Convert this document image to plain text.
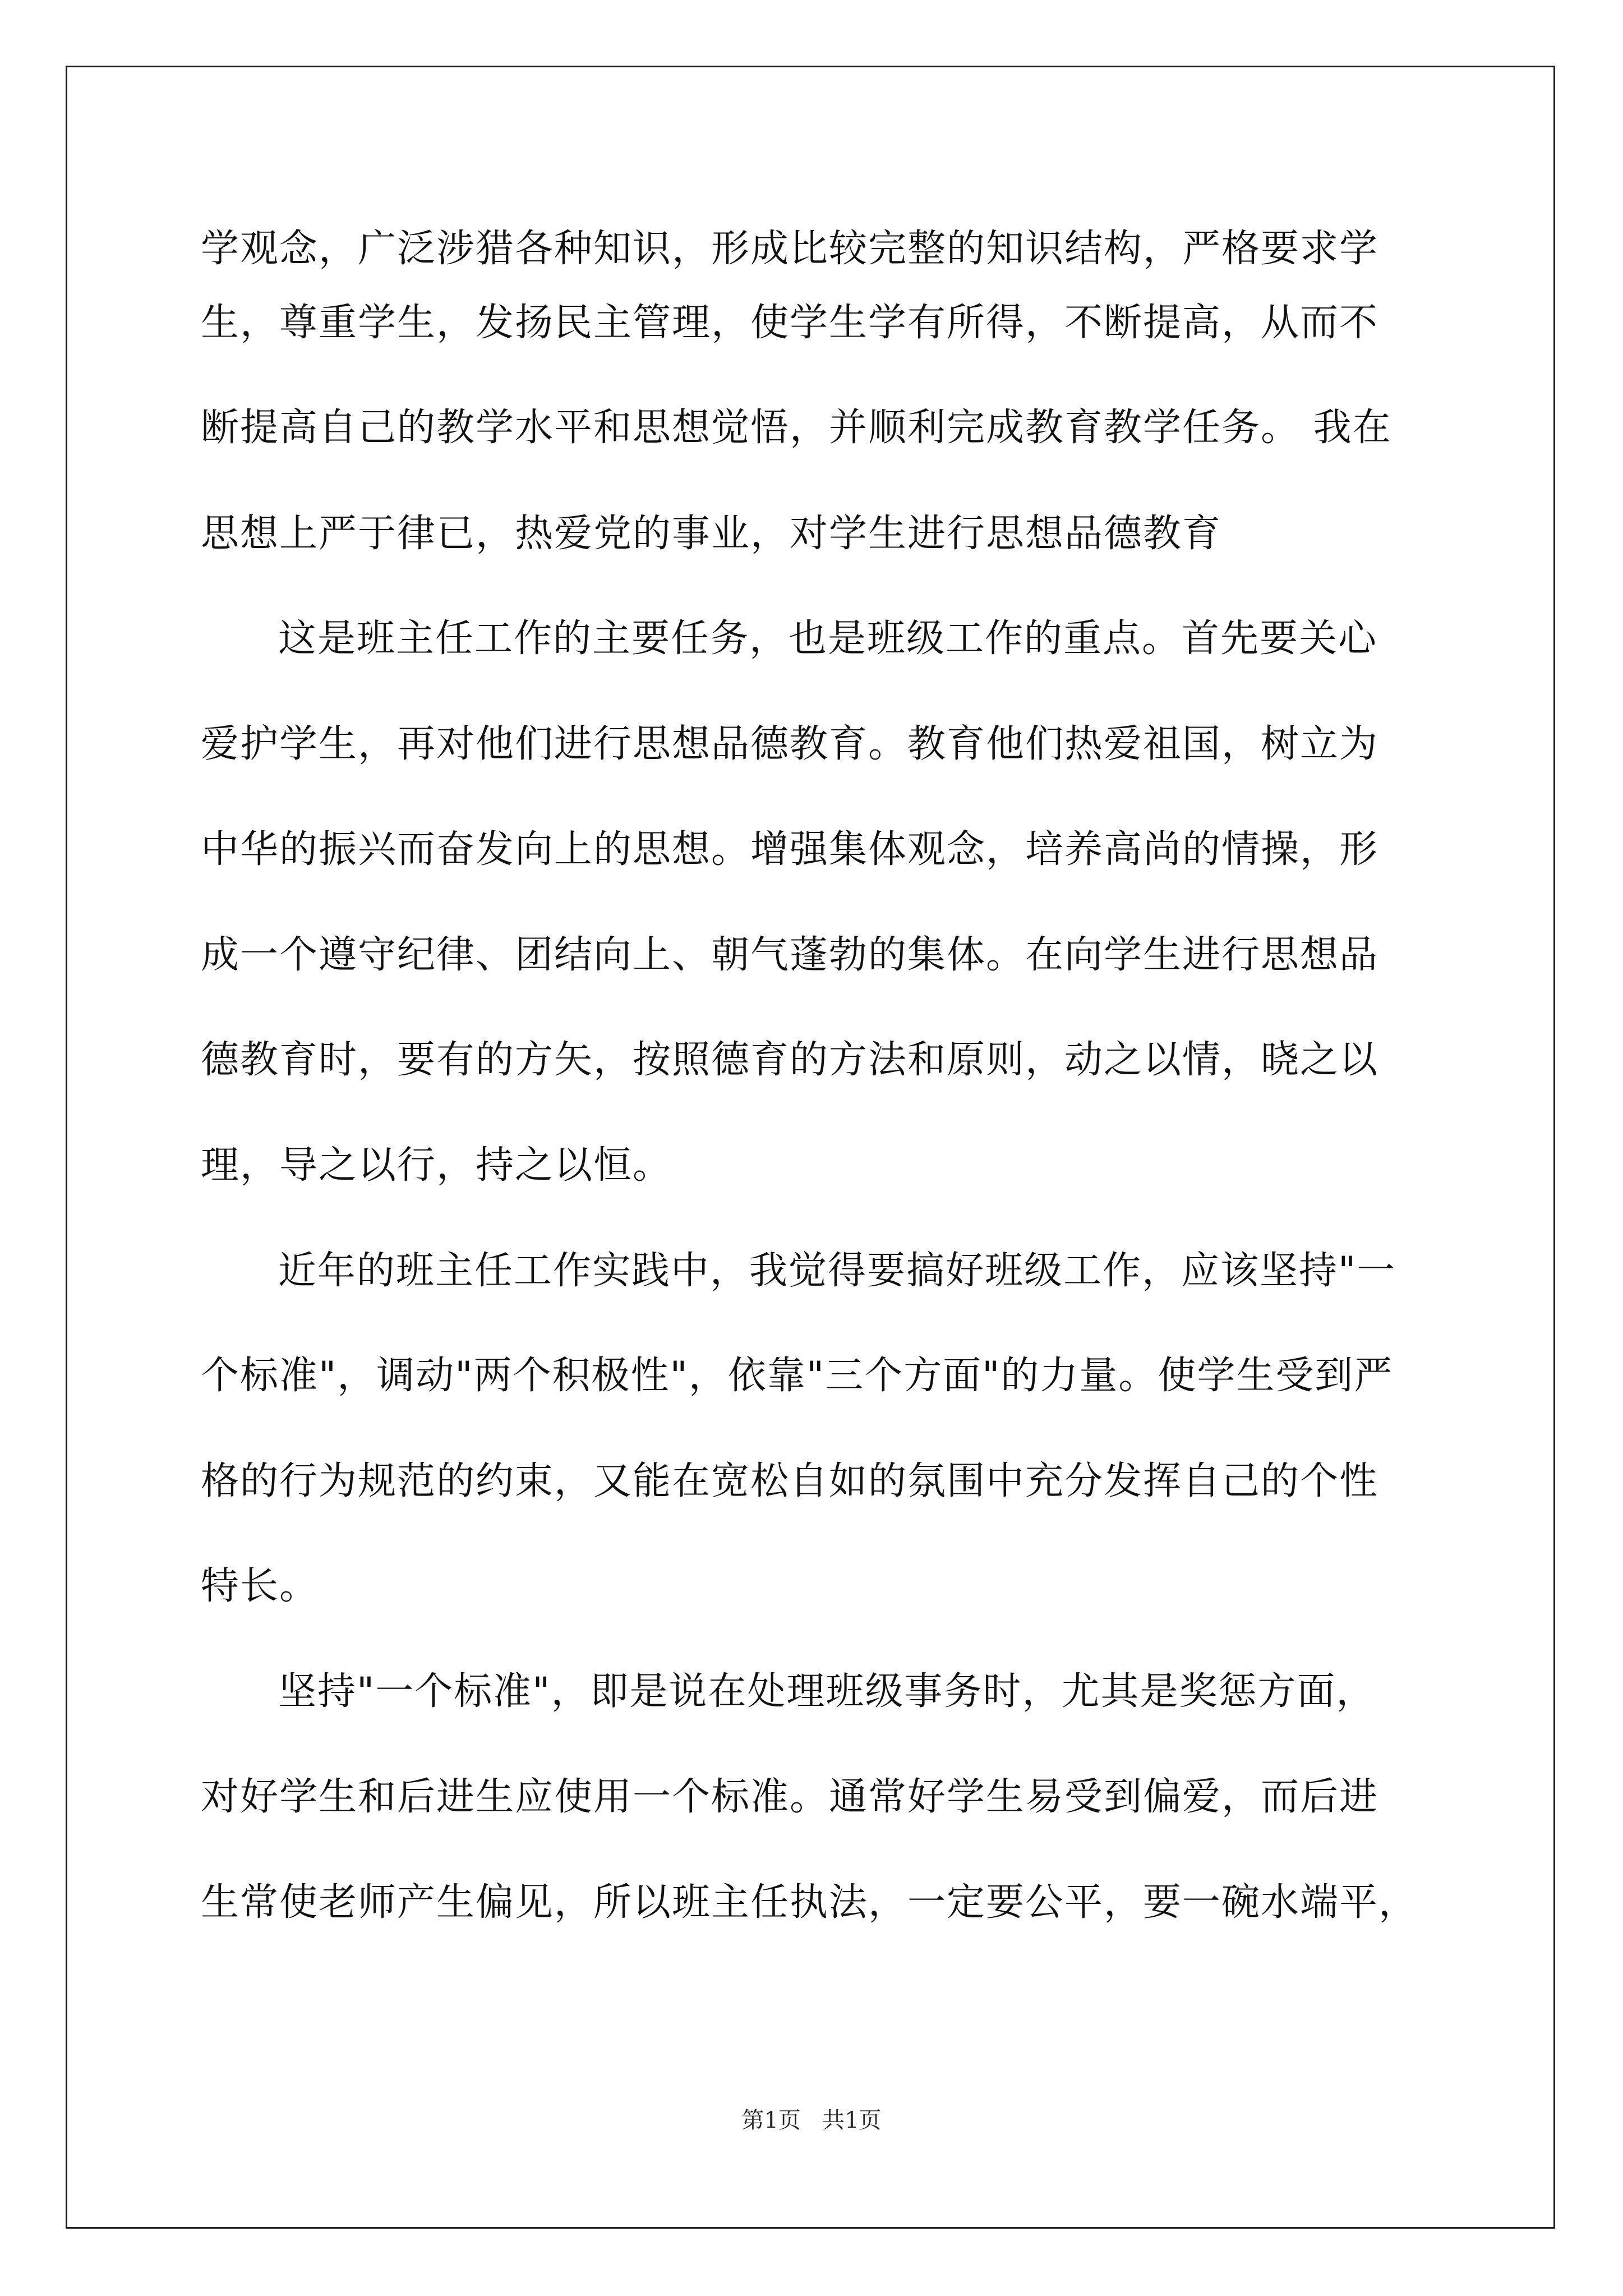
学观念，广泛涉猎各种知识，形成比较完整的知识结构，严格要求学

生，尊重学生，发扬民主管理，使学生学有所得，不断提高，从而不

断提高自己的教学水平和思想觉悟，并顺利完成教育教学任务。 我在

思想上严于律已，热爱党的事业，对学生进行思想品德教育

这是班主任工作的主要任务，也是班级工作的重点。首先要关心

爱护学生，再对他们进行思想品德教育。教育他们热爱祖国，树立为

中华的振兴而奋发向上的思想。增强集体观念，培养高尚的情操，形

成一个遵守纪律、团结向上、朝气蓬勃的集体。在向学生进行思想品

德教育时，要有的方矢，按照德育的方法和原则，动之以情，晓之以

理，导之以行，持之以恒。

近年的班主任工作实践中，我觉得要搞好班级工作，应该坚持"一

个标准"，调动"两个积极性"，依靠"三个方面"的力量。使学生受到严

格的行为规范的约束，又能在宽松自如的氛围中充分发挥自己的个性

特长。

坚持"一个标准"，即是说在处理班级事务时，尤其是奖惩方面，

对好学生和后进生应使用一个标准。通常好学生易受到偏爱，而后进

生常使老师产生偏见，所以班主任执法，一定要公平，要一碗水端平，

第1页 共1页
